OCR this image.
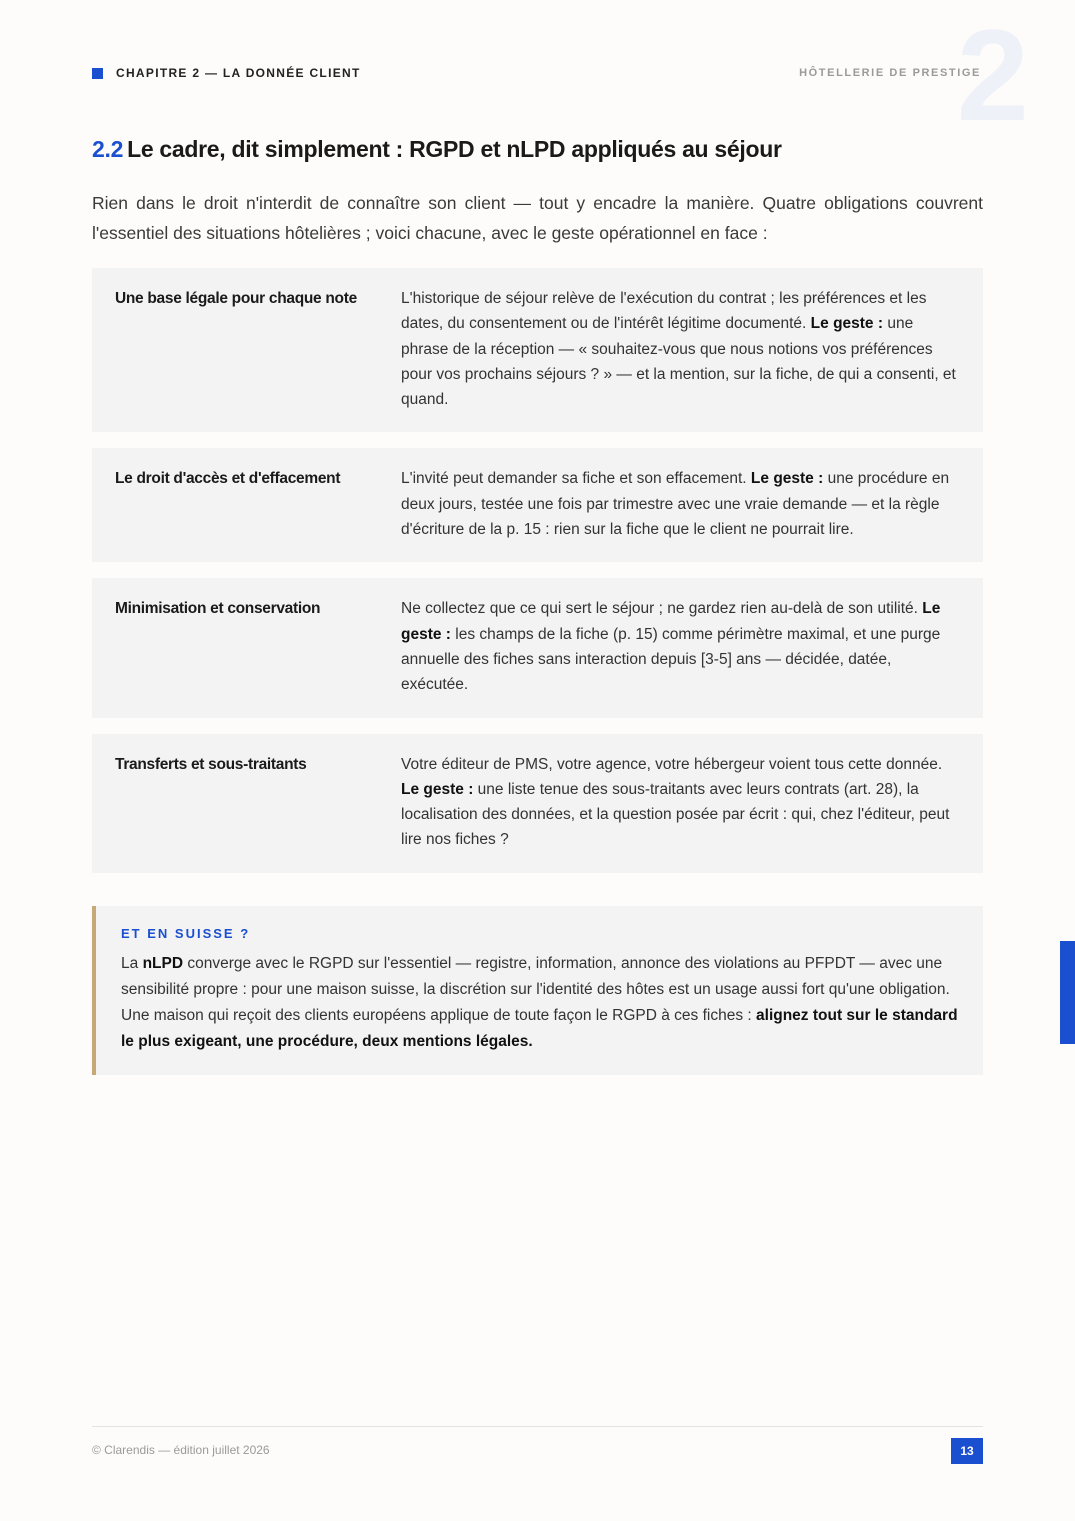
2
CHAPITRE 2 — LA DONNÉE CLIENT	HÔTELLERIE DE PRESTIGE
2.2 Le cadre, dit simplement : RGPD et nLPD appliqués au séjour

Rien dans le droit n'interdit de connaître son client — tout y encadre la manière. Quatre obligations couvrent l'essentiel des situations hôtelières ; voici chacune, avec le geste opérationnel en face :

Une base légale pour chaque note	L'historique de séjour relève de l'exécution du contrat ; les préférences et les dates, du consentement ou de l'intérêt légitime documenté. Le geste : une phrase de la réception — « souhaitez-vous que nous notions vos préférences pour vos prochains séjours ? » — et la mention, sur la fiche, de qui a consenti, et quand.
Le droit d'accès et d'effacement	L'invité peut demander sa fiche et son effacement. Le geste : une procédure en deux jours, testée une fois par trimestre avec une vraie demande — et la règle d'écriture de la p. 15 : rien sur la fiche que le client ne pourrait lire.
Minimisation et conservation	Ne collectez que ce qui sert le séjour ; ne gardez rien au-delà de son utilité. Le geste : les champs de la fiche (p. 15) comme périmètre maximal, et une purge annuelle des fiches sans interaction depuis [3-5] ans — décidée, datée, exécutée.
Transferts et sous-traitants	Votre éditeur de PMS, votre agence, votre hébergeur voient tous cette donnée. Le geste : une liste tenue des sous-traitants avec leurs contrats (art. 28), la localisation des données, et la question posée par écrit : qui, chez l'éditeur, peut lire nos fiches ?
ET EN SUISSE ?
La nLPD converge avec le RGPD sur l'essentiel — registre, information, annonce des violations au PFPDT — avec une sensibilité propre : pour une maison suisse, la discrétion sur l'identité des hôtes est un usage aussi fort qu'une obligation. Une maison qui reçoit des clients européens applique de toute façon le RGPD à ces fiches : alignez tout sur le standard le plus exigeant, une procédure, deux mentions légales.
© Clarendis — édition juillet 2026	13
